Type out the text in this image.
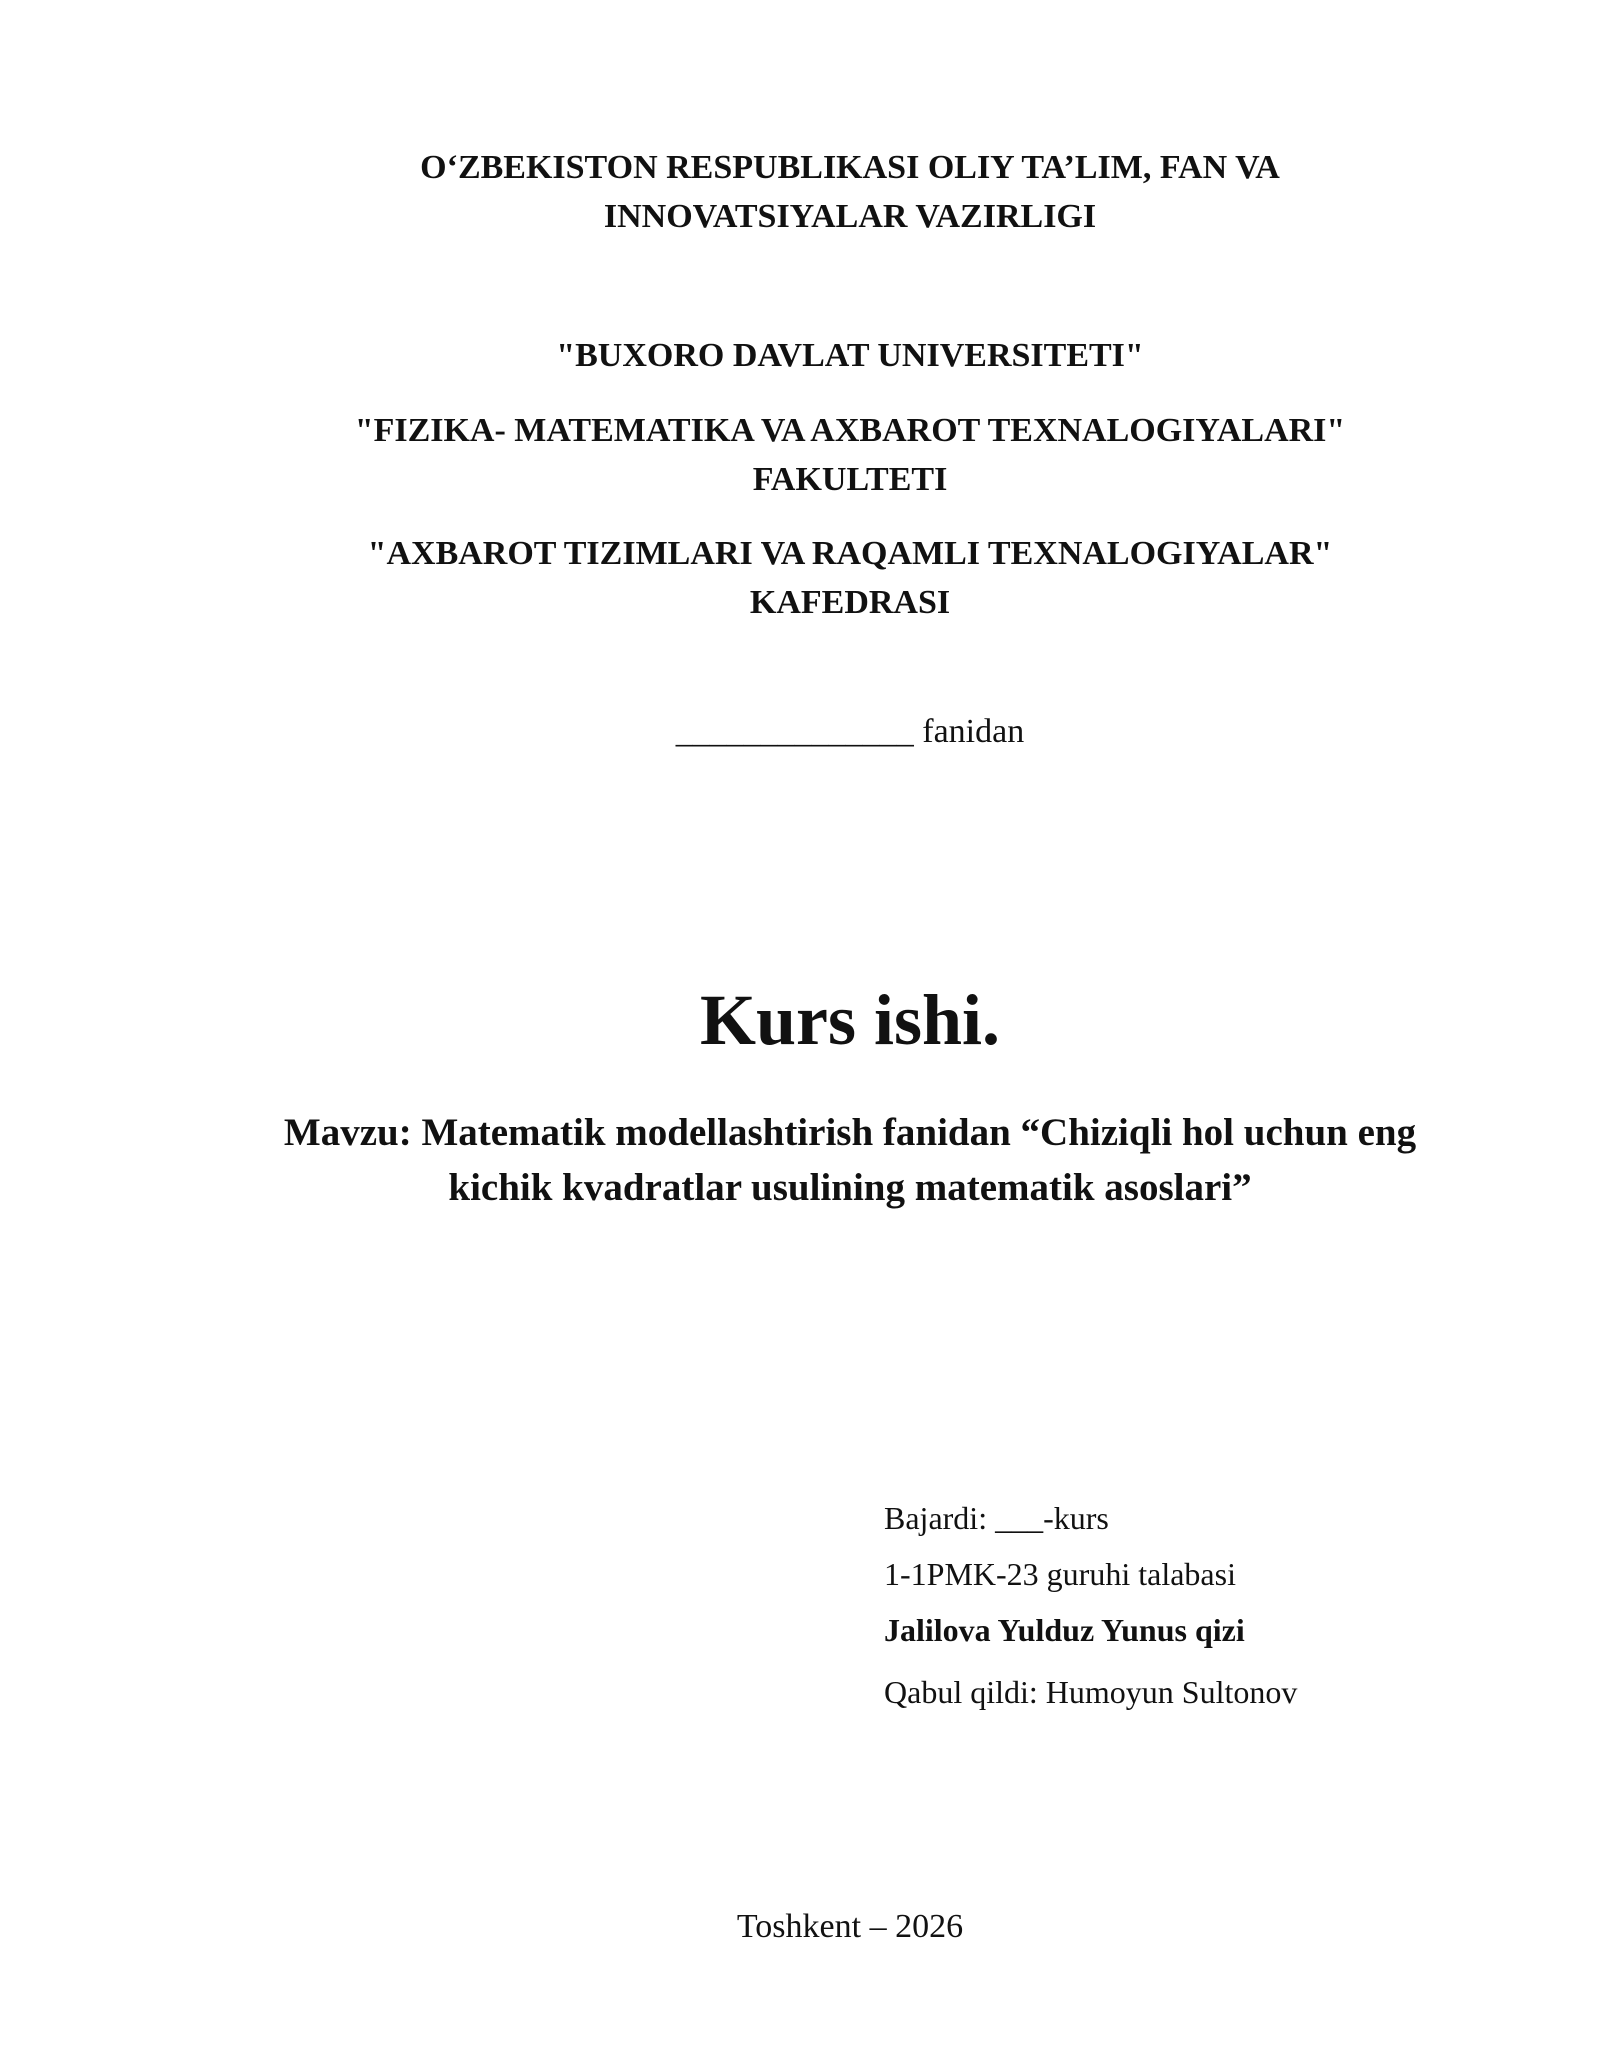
O‘ZBEKISTON RESPUBLIKASI OLIY TA’LIM, FAN VA
INNOVATSIYALAR VAZIRLIGI
"BUXORO DAVLAT UNIVERSITETI"
"FIZIKA- MATEMATIKA VA AXBAROT TEXNALOGIYALARI"
FAKULTETI
"AXBAROT TIZIMLARI VA RAQAMLI TEXNALOGIYALAR"
KAFEDRASI
______________ fanidan
Kurs ishi.
Mavzu: Matematik modellashtirish fanidan “Chiziqli hol uchun eng
kichik kvadratlar usulining matematik asoslari”
Bajardi: ___-kurs
1-1PMK-23 guruhi talabasi
Jalilova Yulduz Yunus qizi
Qabul qildi: Humoyun Sultonov
Toshkent – 2026
